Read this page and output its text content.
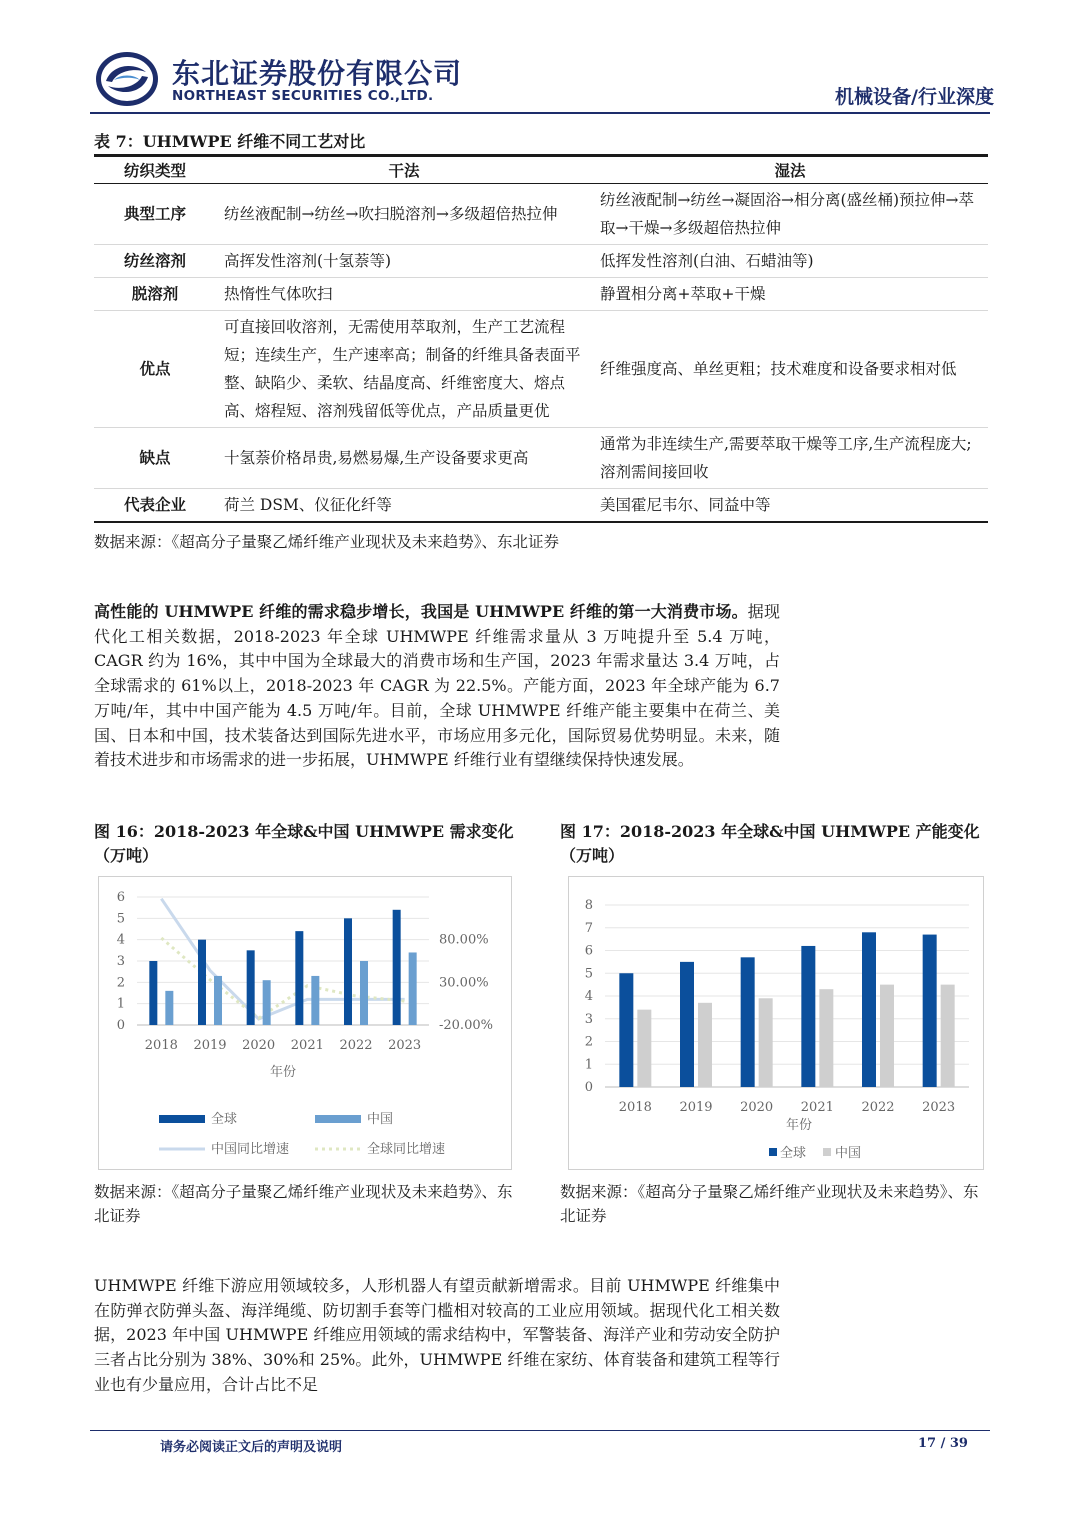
东北证券股份有限公司
NORTHEAST SECURITIES CO.,LTD.	机械设备/行业深度
表 7：UHMWPE 纤维不同工艺对比
纺织类型	干法	湿法
典型工序	纺丝液配制→纺丝→吹扫脱溶剂→多级超倍热拉伸	纺丝液配制→纺丝→凝固浴→相分离(盛丝桶)预拉伸→萃取→干燥→多级超倍热拉伸
纺丝溶剂	高挥发性溶剂(十氢萘等)	低挥发性溶剂(白油、石蜡油等)
脱溶剂	热惰性气体吹扫	静置相分离+萃取+干燥
优点	可直接回收溶剂，无需使用萃取剂，生产工艺流程短；连续生产，生产速率高；制备的纤维具备表面平整、缺陷少、柔软、结晶度高、纤维密度大、熔点高、熔程短、溶剂残留低等优点，产品质量更优	纤维强度高、单丝更粗；技术难度和设备要求相对低
缺点	十氢萘价格昂贵,易燃易爆,生产设备要求更高	通常为非连续生产,需要萃取干燥等工序,生产流程庞大;溶剂需间接回收
代表企业	荷兰 DSM、仪征化纤等	美国霍尼韦尔、同益中等
数据来源：《超高分子量聚乙烯纤维产业现状及未来趋势》、东北证券
高性能的 UHMWPE 纤维的需求稳步增长，我国是 UHMWPE 纤维的第一大消费市场。据现代化工相关数据，2018-2023 年全球 UHMWPE 纤维需求量从 3 万吨提升至 5.4 万吨， CAGR 约为 16%，其中中国为全球最大的消费市场和生产国，2023 年需求量达 3.4 万吨，占全球需求的 61%以上，2018-2023 年 CAGR 为 22.5%。产能方面，2023 年全球产能为 6.7 万吨/年，其中中国产能为 4.5 万吨/年。目前，全球 UHMWPE 纤维产能主要集中在荷兰、美国、日本和中国，技术装备达到国际先进水平，市场应用多元化，国际贸易优势明显。未来，随着技术进步和市场需求的进一步拓展，UHMWPE 纤维行业有望继续保持快速发展。
图 16：2018-2023 年全球&中国 UHMWPE 需求变化（万吨）
图 17：2018-2023 年全球&中国 UHMWPE 产能变化（万吨）
0
1
2
3
4
5
6
-20.00%
30.00%
80.00%
2018 2019 2020 2021 2022 2023
年份
全球	中国
中国同比增速	全球同比增速
0
1
2
3
4
5
6
7
8
2018 2019 2020 2021 2022 2023
年份
全球 中国
数据来源：《超高分子量聚乙烯纤维产业现状及未来趋势》、东北证券
数据来源：《超高分子量聚乙烯纤维产业现状及未来趋势》、东北证券
UHMWPE 纤维下游应用领域较多，人形机器人有望贡献新增需求。目前 UHMWPE 纤维集中在防弹衣防弹头盔、海洋绳缆、防切割手套等门槛相对较高的工业应用领域。据现代化工相关数据，2023 年中国 UHMWPE 纤维应用领域的需求结构中，军警装备、海洋产业和劳动安全防护三者占比分别为 38%、30%和 25%。此外，UHMWPE 纤维在家纺、体育装备和建筑工程等行业也有少量应用，合计占比不足
请务必阅读正文后的声明及说明	17 / 39
